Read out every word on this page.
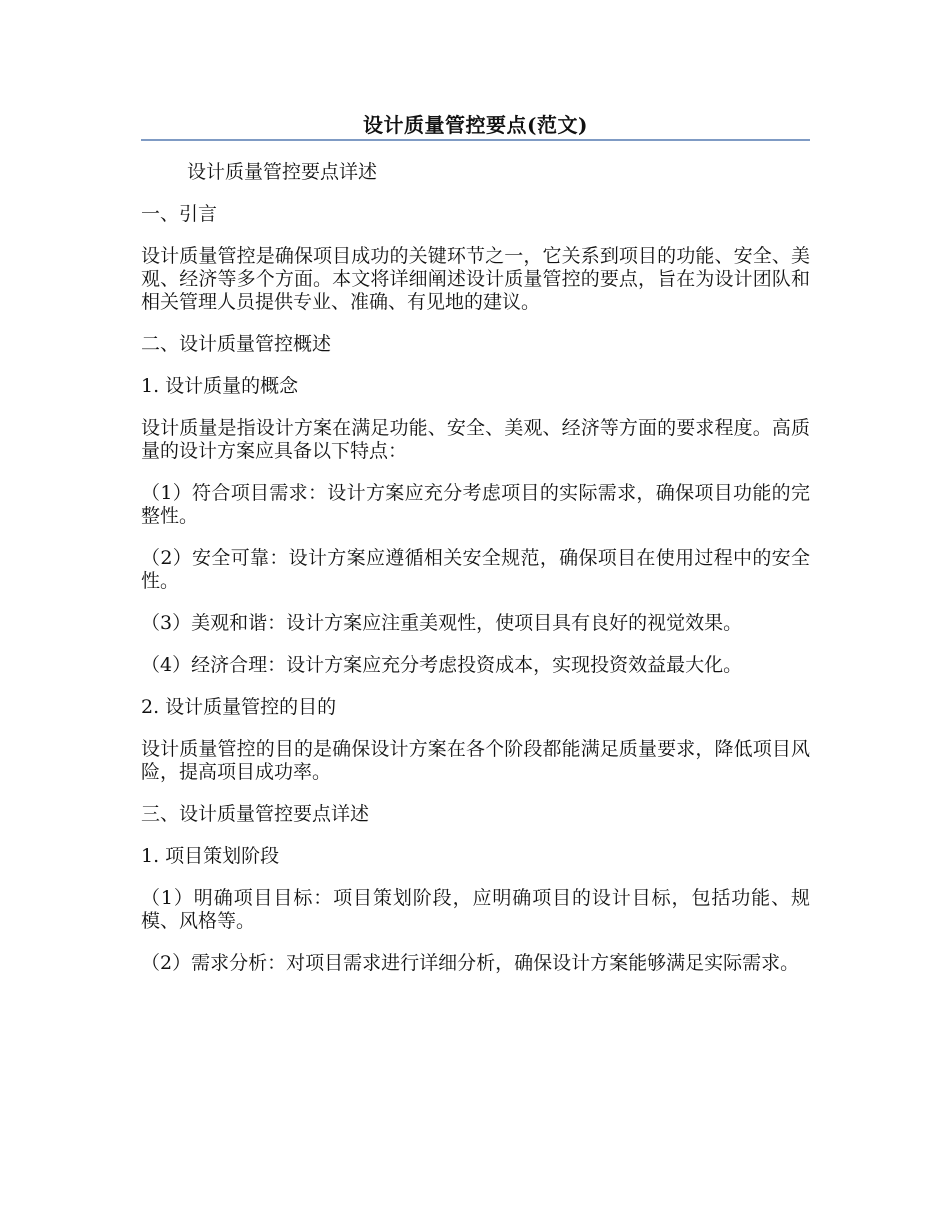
设计质量管控要点(范文)

设计质量管控要点详述

一、引言

设计质量管控是确保项目成功的关键环节之一，它关系到项目的功能、安全、美观、经济等多个方面。本文将详细阐述设计质量管控的要点，旨在为设计团队和相关管理人员提供专业、准确、有见地的建议。

二、设计质量管控概述

1. 设计质量的概念

设计质量是指设计方案在满足功能、安全、美观、经济等方面的要求程度。高质量的设计方案应具备以下特点：

（1）符合项目需求：设计方案应充分考虑项目的实际需求，确保项目功能的完整性。

（2）安全可靠：设计方案应遵循相关安全规范，确保项目在使用过程中的安全性。

（3）美观和谐：设计方案应注重美观性，使项目具有良好的视觉效果。

（4）经济合理：设计方案应充分考虑投资成本，实现投资效益最大化。

2. 设计质量管控的目的

设计质量管控的目的是确保设计方案在各个阶段都能满足质量要求，降低项目风险，提高项目成功率。

三、设计质量管控要点详述

1. 项目策划阶段

（1）明确项目目标：项目策划阶段，应明确项目的设计目标，包括功能、规模、风格等。

（2）需求分析：对项目需求进行详细分析，确保设计方案能够满足实际需求。
